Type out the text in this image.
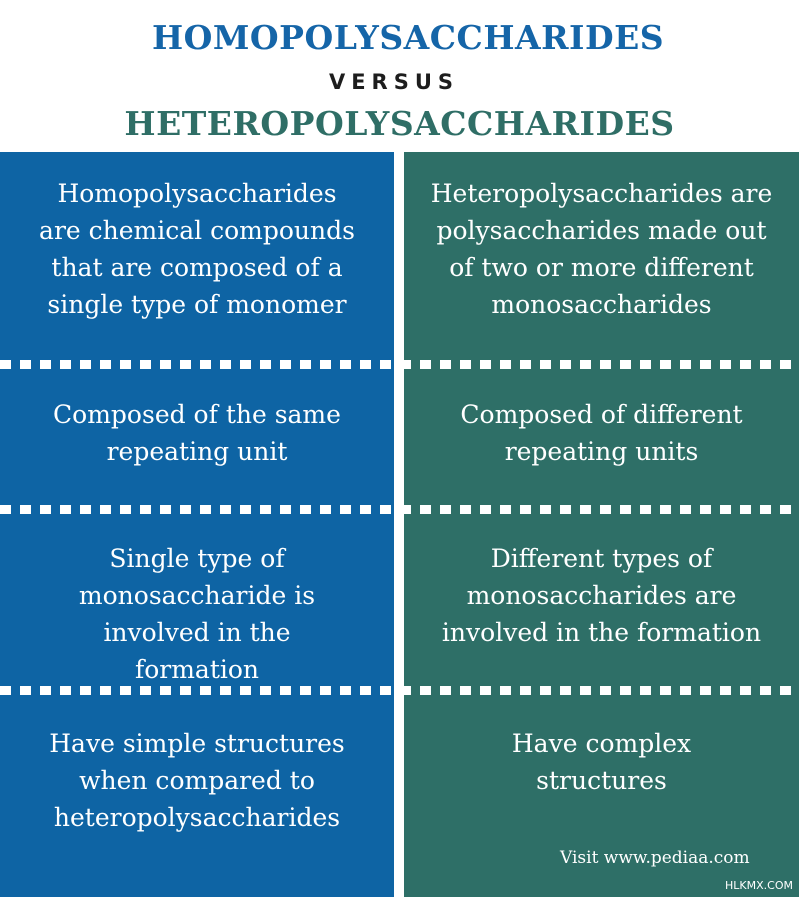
HOMOPOLYSACCHARIDES
VERSUS
HETEROPOLYSACCHARIDES
Homopolysaccharides
are chemical compounds
that are composed of a
single type of monomer
Heteropolysaccharides are
polysaccharides made out
of two or more different
monosaccharides
Composed of the same
repeating unit
Composed of different
repeating units
Single type of
monosaccharide is
involved in the
formation
Different types of
monosaccharides are
involved in the formation
Have simple structures
when compared to
heteropolysaccharides
Have complex
structures
Visit www.pediaa.com
HLKMX.COM
